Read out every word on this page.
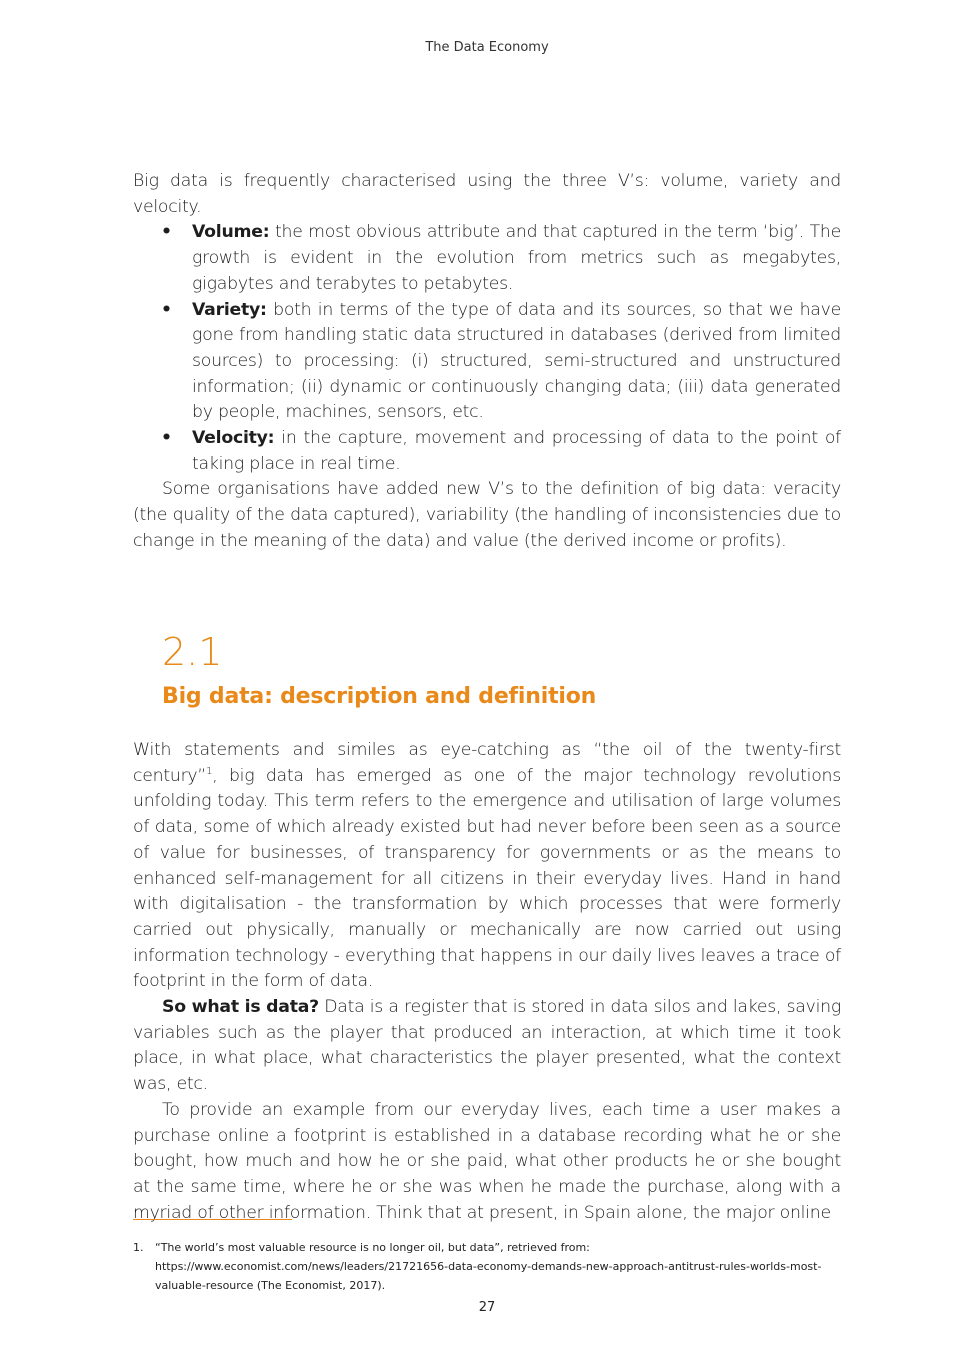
The Data Economy

Big data is frequently characterised using the three V’s: volume, variety and velocity.

• Volume: the most obvious attribute and that captured in the term ‘big’. The growth is evident in the evolution from metrics such as megabytes, gigabytes and terabytes to petabytes.
• Variety: both in terms of the type of data and its sources, so that we have gone from handling static data structured in databases (derived from limited sources) to processing: (i) structured, semi-structured and unstructured information; (ii) dynamic or continuously changing data; (iii) data generated by people, machines, sensors, etc.
• Velocity: in the capture, movement and processing of data to the point of taking place in real time.

Some organisations have added new V’s to the definition of big data: veracity (the quality of the data captured), variability (the handling of inconsistencies due to change in the meaning of the data) and value (the derived income or profits).

2.1
Big data: description and definition

With statements and similes as eye-catching as “the oil of the twenty-first century”$^1$, big data has emerged as one of the major technology revolutions unfolding today. This term refers to the emergence and utilisation of large volumes of data, some of which already existed but had never before been seen as a source of value for businesses, of transparency for governments or as the means to enhanced self-management for all citizens in their everyday lives. Hand in hand with digitalisation - the transformation by which processes that were formerly carried out physically, manually or mechanically are now carried out using information technology - everything that happens in our daily lives leaves a trace of footprint in the form of data.

So what is data? Data is a register that is stored in data silos and lakes, saving variables such as the player that produced an interaction, at which time it took place, in what place, what characteristics the player presented, what the context was, etc.

To provide an example from our everyday lives, each time a user makes a purchase online a footprint is established in a database recording what he or she bought, how much and how he or she paid, what other products he or she bought at the same time, where he or she was when he made the purchase, along with a myriad of other information. Think that at present, in Spain alone, the major online

1. “The world’s most valuable resource is no longer oil, but data”, retrieved from: https://www.economist.com/news/leaders/21721656-data-economy-demands-new-approach-antitrust-rules-worlds-most-valuable-resource (The Economist, 2017).
27
